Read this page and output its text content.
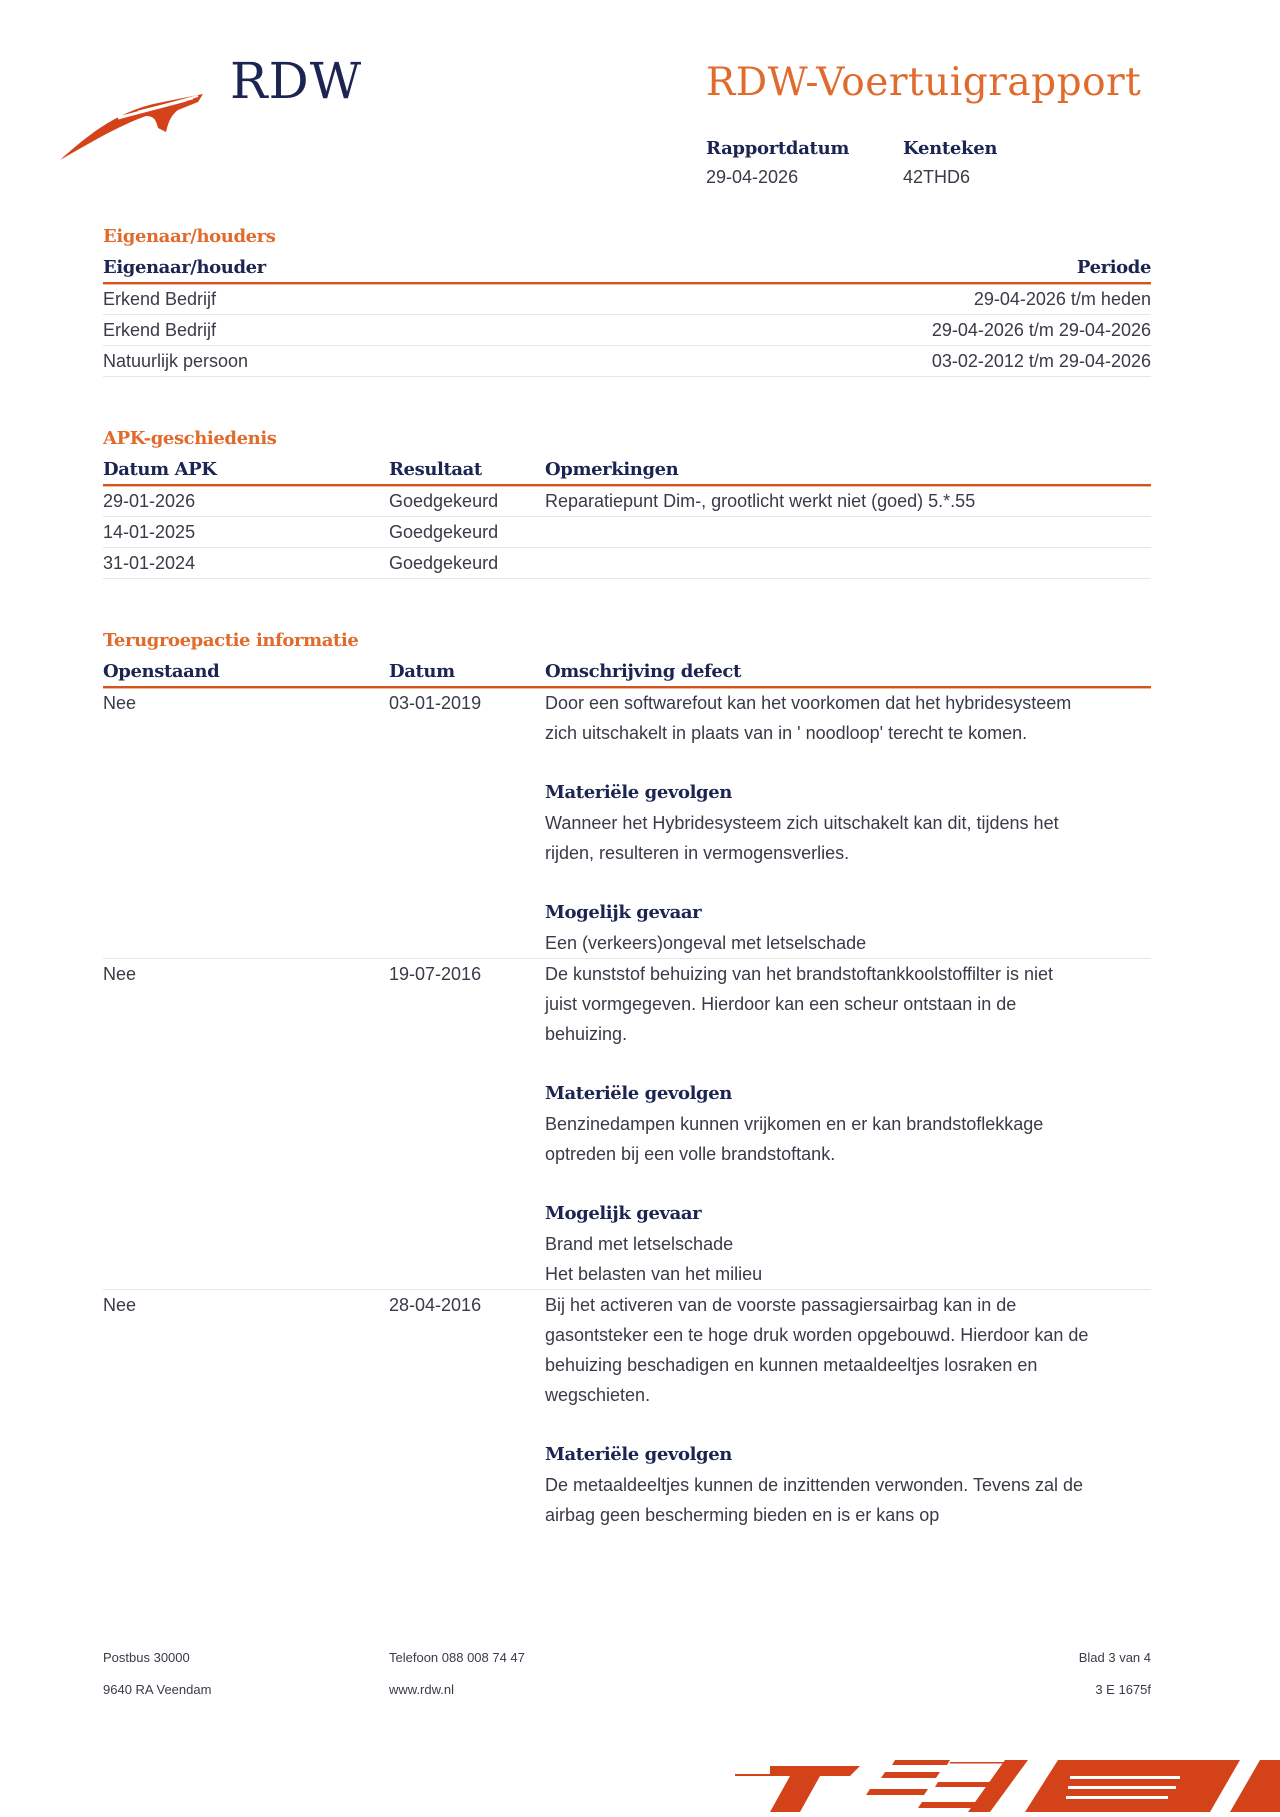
RDW	RDW-Voertuigrapport
Rapportdatum
29-04-2026
Kenteken
42THD6
Eigenaar/houders
Eigenaar/houder	Periode
Erkend Bedrijf	29-04-2026 t/m heden
Erkend Bedrijf	29-04-2026 t/m 29-04-2026
Natuurlijk persoon	03-02-2012 t/m 29-04-2026
APK-geschiedenis
Datum APK	Resultaat	Opmerkingen
29-01-2026	Goedgekeurd	Reparatiepunt Dim-, grootlicht werkt niet (goed) 5.*.55
14-01-2025	Goedgekeurd
31-01-2024	Goedgekeurd
Terugroepactie informatie
Openstaand	Datum	Omschrijving defect
Nee	03-01-2019	Door een softwarefout kan het voorkomen dat het hybridesysteem

zich uitschakelt in plaats van in ' noodloop' terecht te komen.

Materiële gevolgen

Wanneer het Hybridesysteem zich uitschakelt kan dit, tijdens het

rijden, resulteren in vermogensverlies.

Mogelijk gevaar

Een (verkeers)ongeval met letselschade

Nee	19-07-2016	De kunststof behuizing van het brandstoftankkoolstoffilter is niet

juist vormgegeven. Hierdoor kan een scheur ontstaan in de

behuizing.

Materiële gevolgen

Benzinedampen kunnen vrijkomen en er kan brandstoflekkage

optreden bij een volle brandstoftank.

Mogelijk gevaar

Brand met letselschade

Het belasten van het milieu

Nee	28-04-2016	Bij het activeren van de voorste passagiersairbag kan in de

gasontsteker een te hoge druk worden opgebouwd. Hierdoor kan de

behuizing beschadigen en kunnen metaaldeeltjes losraken en

wegschieten.

Materiële gevolgen

De metaaldeeltjes kunnen de inzittenden verwonden. Tevens zal de

airbag geen bescherming bieden en is er kans op

Postbus 30000
9640 RA Veendam
Telefoon 088 008 74 47
www.rdw.nl
Blad 3 van 4
3 E 1675f
